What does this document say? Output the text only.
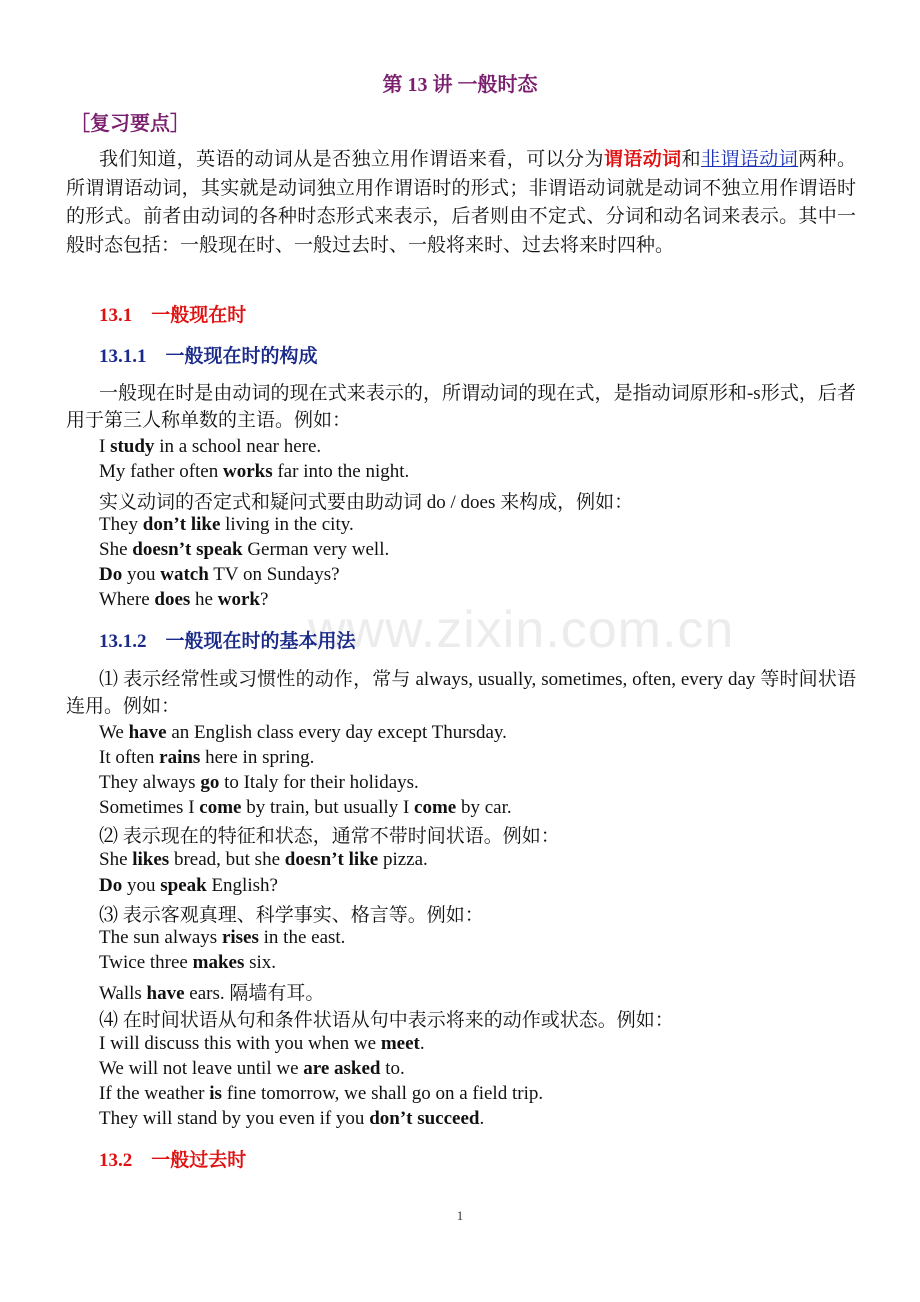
www.zixin.com.cn
第 13 讲 一般时态
［复习要点］
我们知道，英语的动词从是否独立用作谓语来看，可以分为谓语动词和非谓语动词两种。所谓谓语动词，其实就是动词独立用作谓语时的形式；非谓语动词就是动词不独立用作谓语时的形式。前者由动词的各种时态形式来表示，后者则由不定式、分词和动名词来表示。其中一般时态包括：一般现在时、一般过去时、一般将来时、过去将来时四种。
13.1　一般现在时
13.1.1　一般现在时的构成
一般现在时是由动词的现在式来表示的，所谓动词的现在式，是指动词原形和-s形式，后者用于第三人称单数的主语。例如：
I study in a school near here.
My father often works far into the night.
实义动词的否定式和疑问式要由助动词 do / does 来构成，例如：
They don’t like living in the city.
She doesn’t speak German very well.
Do you watch TV on Sundays?
Where does he work?
13.1.2　一般现在时的基本用法
⑴ 表示经常性或习惯性的动作，常与 always, usually, sometimes, often, every day 等时间状语连用。例如：
We have an English class every day except Thursday.
It often rains here in spring.
They always go to Italy for their holidays.
Sometimes I come by train, but usually I come by car.
⑵ 表示现在的特征和状态，通常不带时间状语。例如：
She likes bread, but she doesn’t like pizza.
Do you speak English?
⑶ 表示客观真理、科学事实、格言等。例如：
The sun always rises in the east.
Twice three makes six.
Walls have ears. 隔墙有耳。
⑷ 在时间状语从句和条件状语从句中表示将来的动作或状态。例如：
I will discuss this with you when we meet.
We will not leave until we are asked to.
If the weather is fine tomorrow, we shall go on a field trip.
They will stand by you even if you don’t succeed.
13.2　一般过去时
1
